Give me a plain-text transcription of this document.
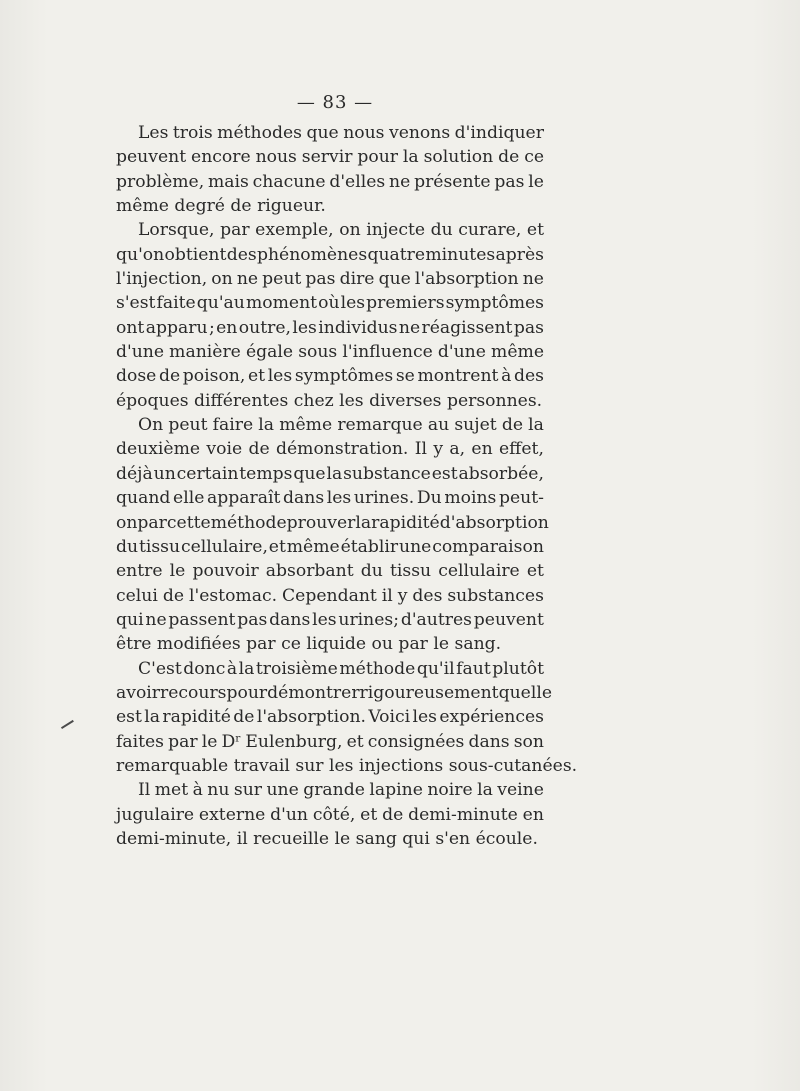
— 83 —
Les trois méthodes que nous venons d'indiquer
peuvent encore nous servir pour la solution de ce
problème, mais chacune d'elles ne présente pas le
même degré de rigueur.
Lorsque, par exemple, on injecte du curare, et
qu'on obtient des phénomènes quatre minutes après
l'injection, on ne peut pas dire que l'absorption ne
s'est faite qu'au moment où les premiers symptômes
ont apparu ; en outre, les individus ne réagissent pas
d'une manière égale sous l'influence d'une même
dose de poison, et les symptômes se montrent à des
époques différentes chez les diverses personnes.
On peut faire la même remarque au sujet de la
deuxième voie de démonstration. Il y a, en effet,
déjà un certain temps que la substance est absorbée,
quand elle apparaît dans les urines. Du moins peut-
on par cette méthode prouver la rapidité d'absorption
du tissu cellulaire, et même établir une comparaison
entre le pouvoir absorbant du tissu cellulaire et
celui de l'estomac. Cependant il y des substances
qui ne passent pas dans les urines; d'autres peuvent
être modifiées par ce liquide ou par le sang.
C'est donc à la troisième méthode qu'il faut plutôt
avoir recours pour démontrer rigoureusement quelle
est la rapidité de l'absorption. Voici les expériences
faites par le Dʳ Eulenburg, et consignées dans son
remarquable travail sur les injections sous-cutanées.
Il met à nu sur une grande lapine noire la veine
jugulaire externe d'un côté, et de demi-minute en
demi-minute, il recueille le sang qui s'en écoule.
